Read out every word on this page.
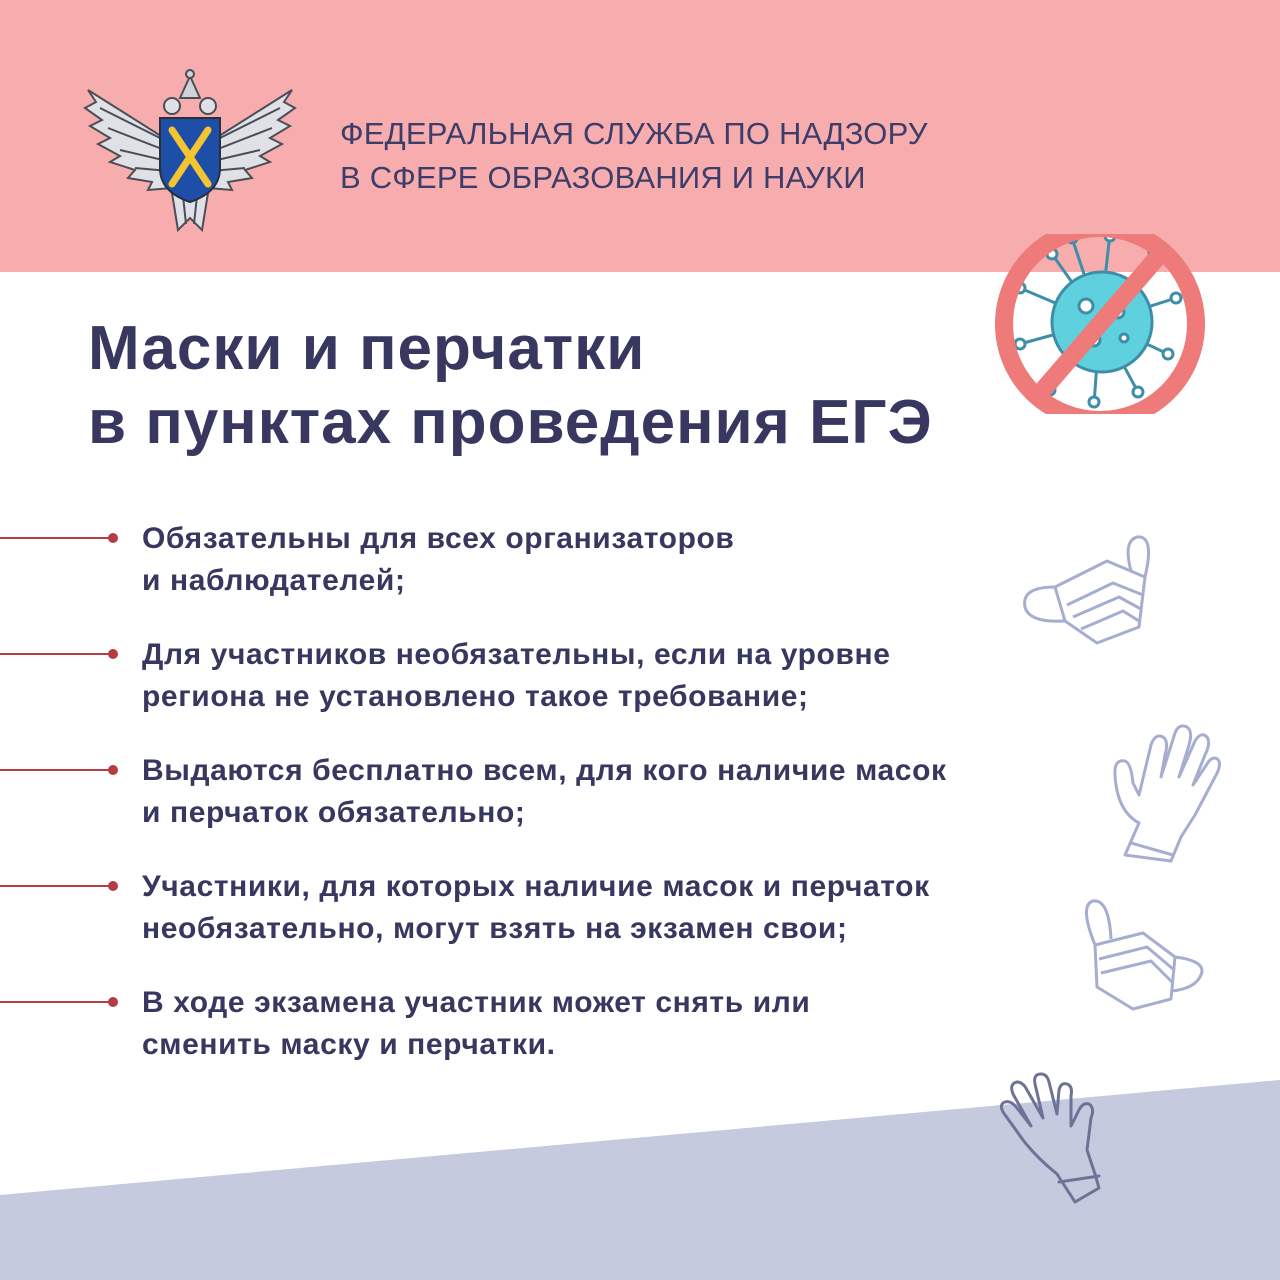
ФЕДЕРАЛЬНАЯ СЛУЖБА ПО НАДЗОРУ
В СФЕРЕ ОБРАЗОВАНИЯ И НАУКИ
Маски и перчатки
в пунктах проведения ЕГЭ
Обязательны для всех организаторов
и наблюдателей;
Для участников необязательны, если на уровне
региона не установлено такое требование;
Выдаются бесплатно всем, для кого наличие масок
и перчаток обязательно;
Участники, для которых наличие масок и перчаток
необязательно, могут взять на экзамен свои;
В ходе экзамена участник может снять или
сменить маску и перчатки.
